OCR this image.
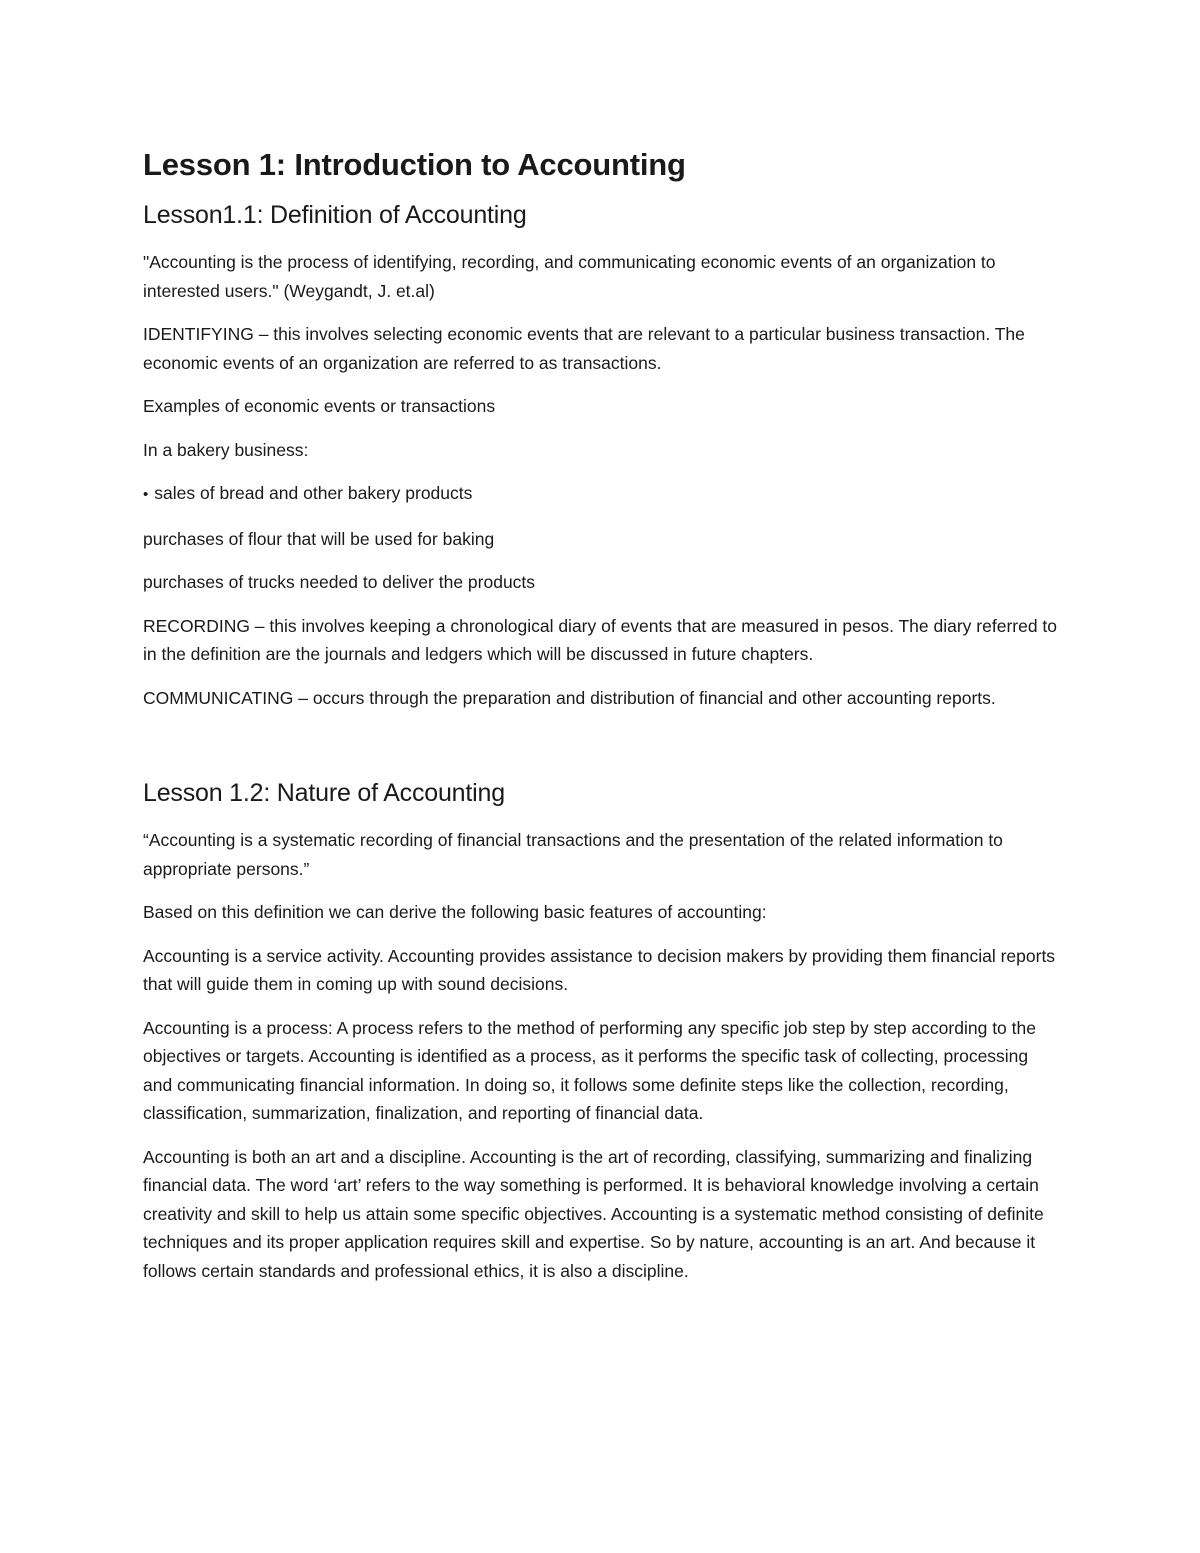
Lesson 1: Introduction to Accounting
Lesson1.1: Definition of Accounting

"Accounting is the process of identifying, recording, and communicating economic events of an organization to interested users." (Weygandt, J. et.al)

IDENTIFYING – this involves selecting economic events that are relevant to a particular business transaction. The economic events of an organization are referred to as transactions.

Examples of economic events or transactions

In a bakery business:

• sales of bread and other bakery products

purchases of flour that will be used for baking

purchases of trucks needed to deliver the products

RECORDING – this involves keeping a chronological diary of events that are measured in pesos. The diary referred to in the definition are the journals and ledgers which will be discussed in future chapters.

COMMUNICATING – occurs through the preparation and distribution of financial and other accounting reports.

Lesson 1.2: Nature of Accounting

“Accounting is a systematic recording of financial transactions and the presentation of the related information to appropriate persons.”

Based on this definition we can derive the following basic features of accounting:

Accounting is a service activity. Accounting provides assistance to decision makers by providing them financial reports that will guide them in coming up with sound decisions.

Accounting is a process: A process refers to the method of performing any specific job step by step according to the objectives or targets. Accounting is identified as a process, as it performs the specific task of collecting, processing and communicating financial information. In doing so, it follows some definite steps like the collection, recording, classification, summarization, finalization, and reporting of financial data.

Accounting is both an art and a discipline. Accounting is the art of recording, classifying, summarizing and finalizing financial data. The word ‘art’ refers to the way something is performed. It is behavioral knowledge involving a certain creativity and skill to help us attain some specific objectives. Accounting is a systematic method consisting of definite techniques and its proper application requires skill and expertise. So by nature, accounting is an art. And because it follows certain standards and professional ethics, it is also a discipline.
